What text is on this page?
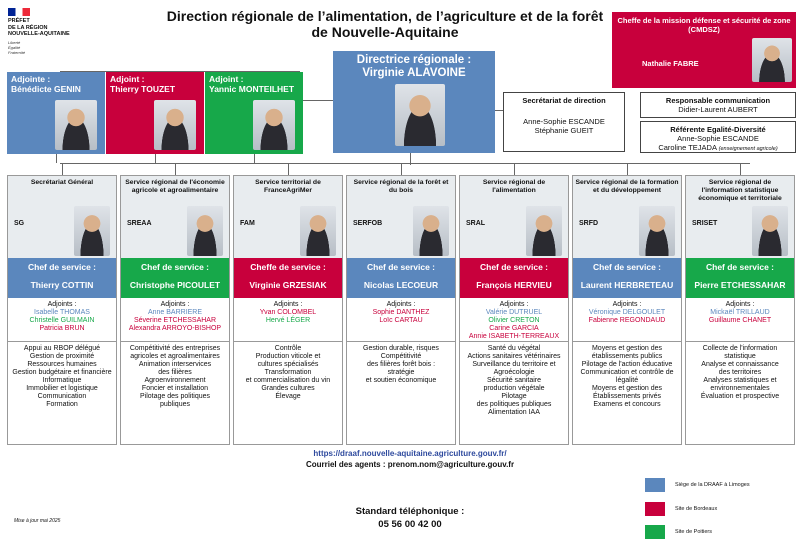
PRÉFET
DE LA RÉGION
NOUVELLE-AQUITAINE
Liberté
Égalité
Fraternité
Direction régionale de l’alimentation, de l’agriculture et de la forêt
de Nouvelle-Aquitaine
Cheffe de la mission défense et sécurité de zone (CMDSZ)
Nathalie FABRE
Directrice régionale :
Virginie ALAVOINE
Adjointe :
Bénédicte GENIN
Adjoint :
Thierry TOUZET
Adjoint :
Yannic MONTEILHET
Secrétariat de direction
Anne-Sophie ESCANDE
Stéphanie GUEIT
Responsable communication
Didier-Laurent AUBERT
Référente Egalité-Diversité
Anne-Sophie ESCANDE
Caroline TEJADA (enseignement agricole)
Secrétariat Général
SG
Chef de service :
Thierry COTTIN
Adjoints :
Isabelle THOMAS
Christelle GUILMAIN
Patricia BRUN
Appui au RBOP délégué
Gestion de proximité
Ressources humaines
Gestion budgétaire et financière
Informatique
Immobilier et logistique
Communication
Formation
Service régional de l'économie agricole et agroalimentaire
SREAA
Chef de service :
Christophe PICOULET
Adjoints :
Anne BARRIERE
Séverine ETCHESSAHAR
Alexandra ARROYO-BISHOP
Compétitivité des entreprises agricoles et agroalimentaires
Animation interservices
des filières
Agroenvironnement
Foncier et installation
Pilotage des politiques
publiques
Service territorial de FranceAgriMer
FAM
Cheffe de service :
Virginie GRZESIAK
Adjoints :
Yvan COLOMBEL
Hervé LÉGER
Contrôle
Production viticole et
cultures spécialisés
Transformation
et commercialisation du vin
Grandes cultures
Élevage
Service régional de la forêt et du bois
SERFOB
Chef de service :
Nicolas LECOEUR
Adjoints :
Sophie DANTHEZ
Loïc CARTAU
Gestion durable, risques
Compétitivité
des filières forêt bois :
stratégie
et soutien économique
Service régional de l'alimentation
SRAL
Chef de service :
François HERVIEU
Adjoints :
Valérie DUTRUEL
Olivier CRETON
Carine GARCIA
Annie ISABETH-TERREAUX
Santé du végétal
Actions sanitaires vétérinaires
Surveillance du territoire et
Agroécologie
Sécurité sanitaire
production végétale
Pilotage
des politiques publiques
Alimentation IAA
Service régional de la formation et du développement
SRFD
Chef de service :
Laurent HERBRETEAU
Adjoints :
Véronique DELGOULET
Fabienne REGONDAUD
Moyens et gestion des
établissements publics
Pilotage de l'action éducative
Communication et contrôle de
légalité
Moyens et gestion des
Établissements privés
Examens et concours
Service régional de l'information statistique économique et territoriale
SRISET
Chef de service :
Pierre ETCHESSAHAR
Adjoints :
Mickaël TRILLAUD
Guillaume CHANET
Collecte de l'information
statistique
Analyse et connaissance
des territoires
Analyses statistiques et
environnementales
Évaluation et prospective
https://draaf.nouvelle-aquitaine.agriculture.gouv.fr/
Courriel des agents : prenom.nom@agriculture.gouv.fr
Standard téléphonique :
05 56 00 42 00
Mise à jour mai 2025
Siège de la DRAAF à Limoges
Site de Bordeaux
Site de Poitiers
